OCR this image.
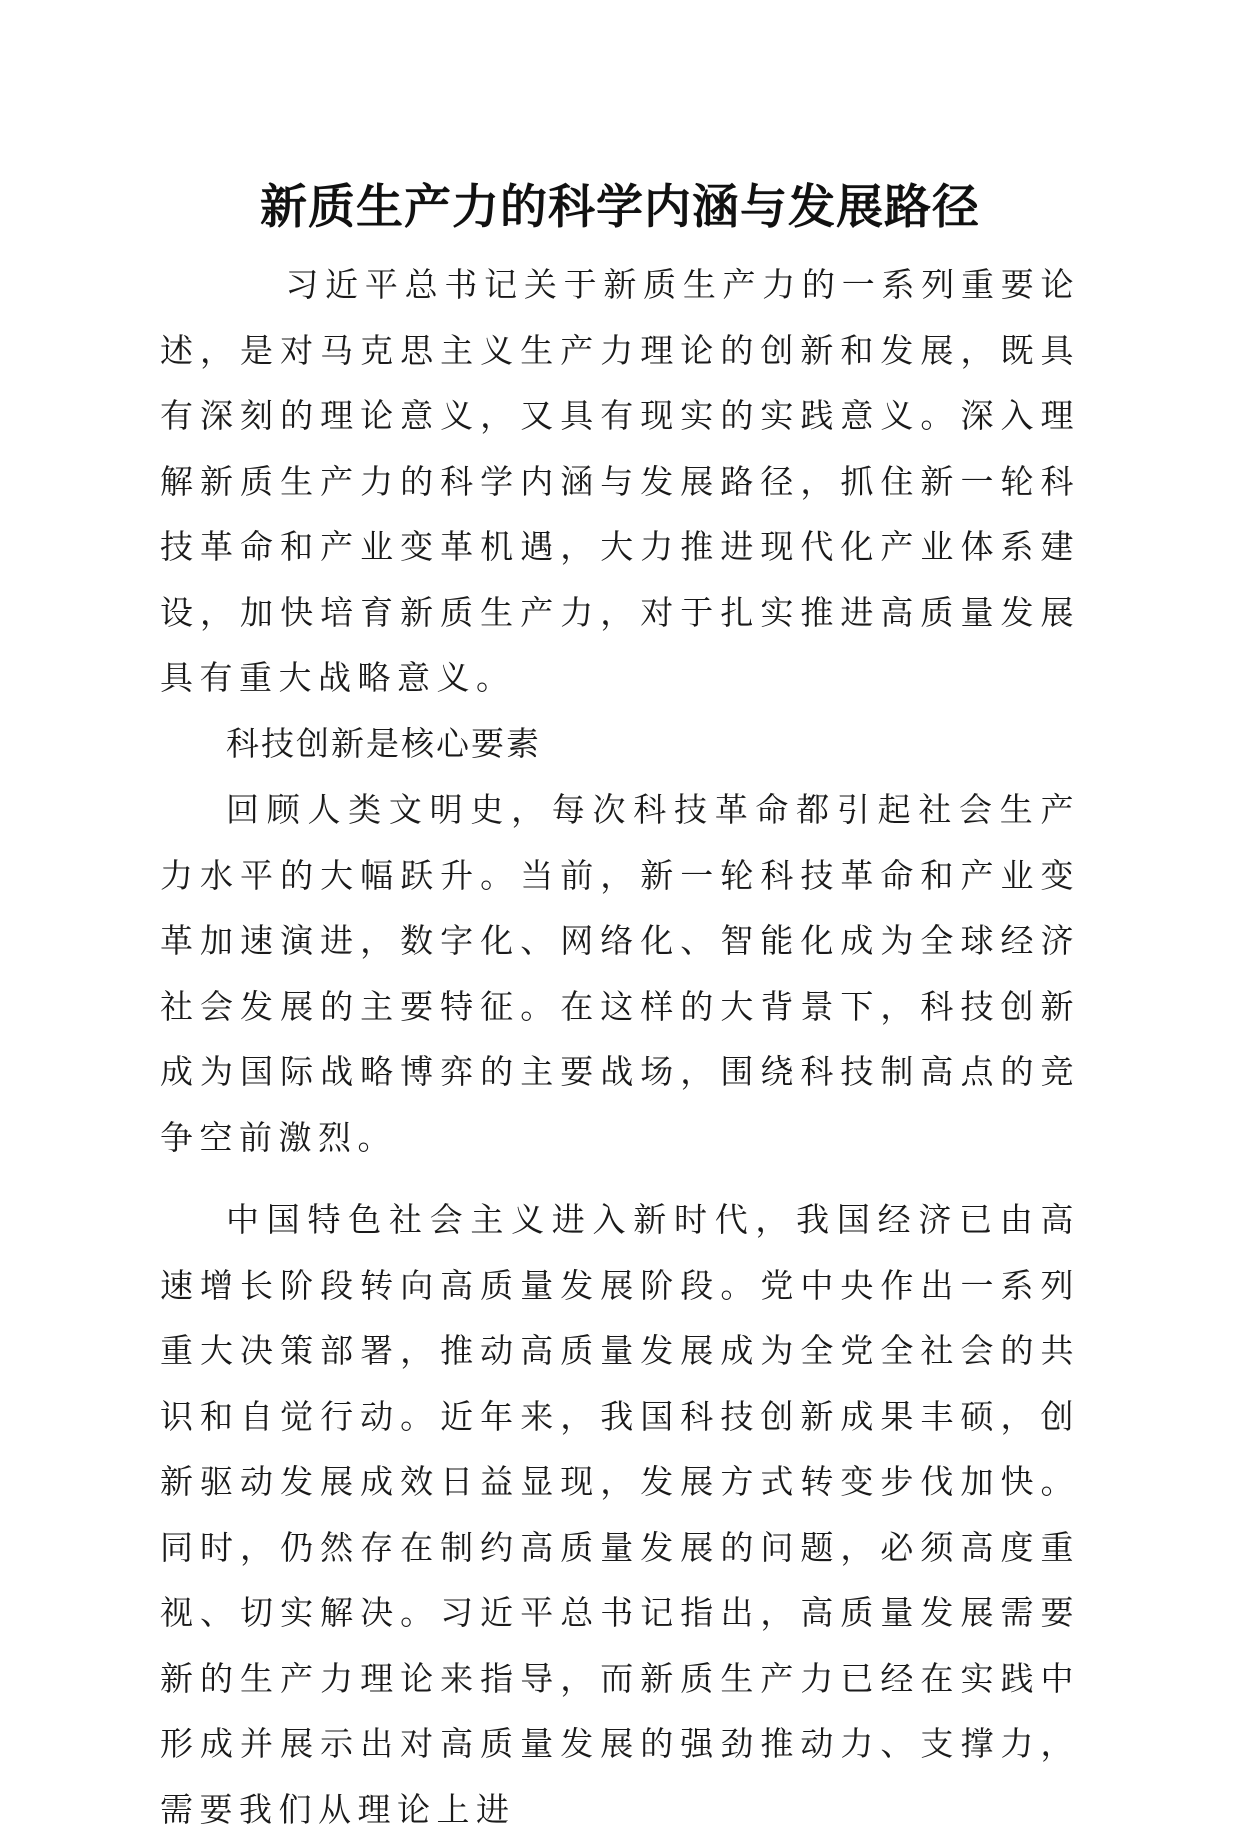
新质生产力的科学内涵与发展路径

习近平总书记关于新质生产力的一系列重要论述，是对马克思主义生产力理论的创新和发展，既具有深刻的理论意义，又具有现实的实践意义。深入理解新质生产力的科学内涵与发展路径，抓住新一轮科技革命和产业变革机遇，大力推进现代化产业体系建设，加快培育新质生产力，对于扎实推进高质量发展具有重大战略意义。

科技创新是核心要素

回顾人类文明史，每次科技革命都引起社会生产力水平的大幅跃升。当前，新一轮科技革命和产业变革加速演进，数字化、网络化、智能化成为全球经济社会发展的主要特征。在这样的大背景下，科技创新成为国际战略博弈的主要战场，围绕科技制高点的竞争空前激烈。

中国特色社会主义进入新时代，我国经济已由高速增长阶段转向高质量发展阶段。党中央作出一系列重大决策部署，推动高质量发展成为全党全社会的共识和自觉行动。近年来，我国科技创新成果丰硕，创新驱动发展成效日益显现，发展方式转变步伐加快。同时，仍然存在制约高质量发展的问题，必须高度重视、切实解决。习近平总书记指出，高质量发展需要新的生产力理论来指导，而新质生产力已经在实践中形成并展示出对高质量发展的强劲推动力、支撑力，需要我们从理论上进
